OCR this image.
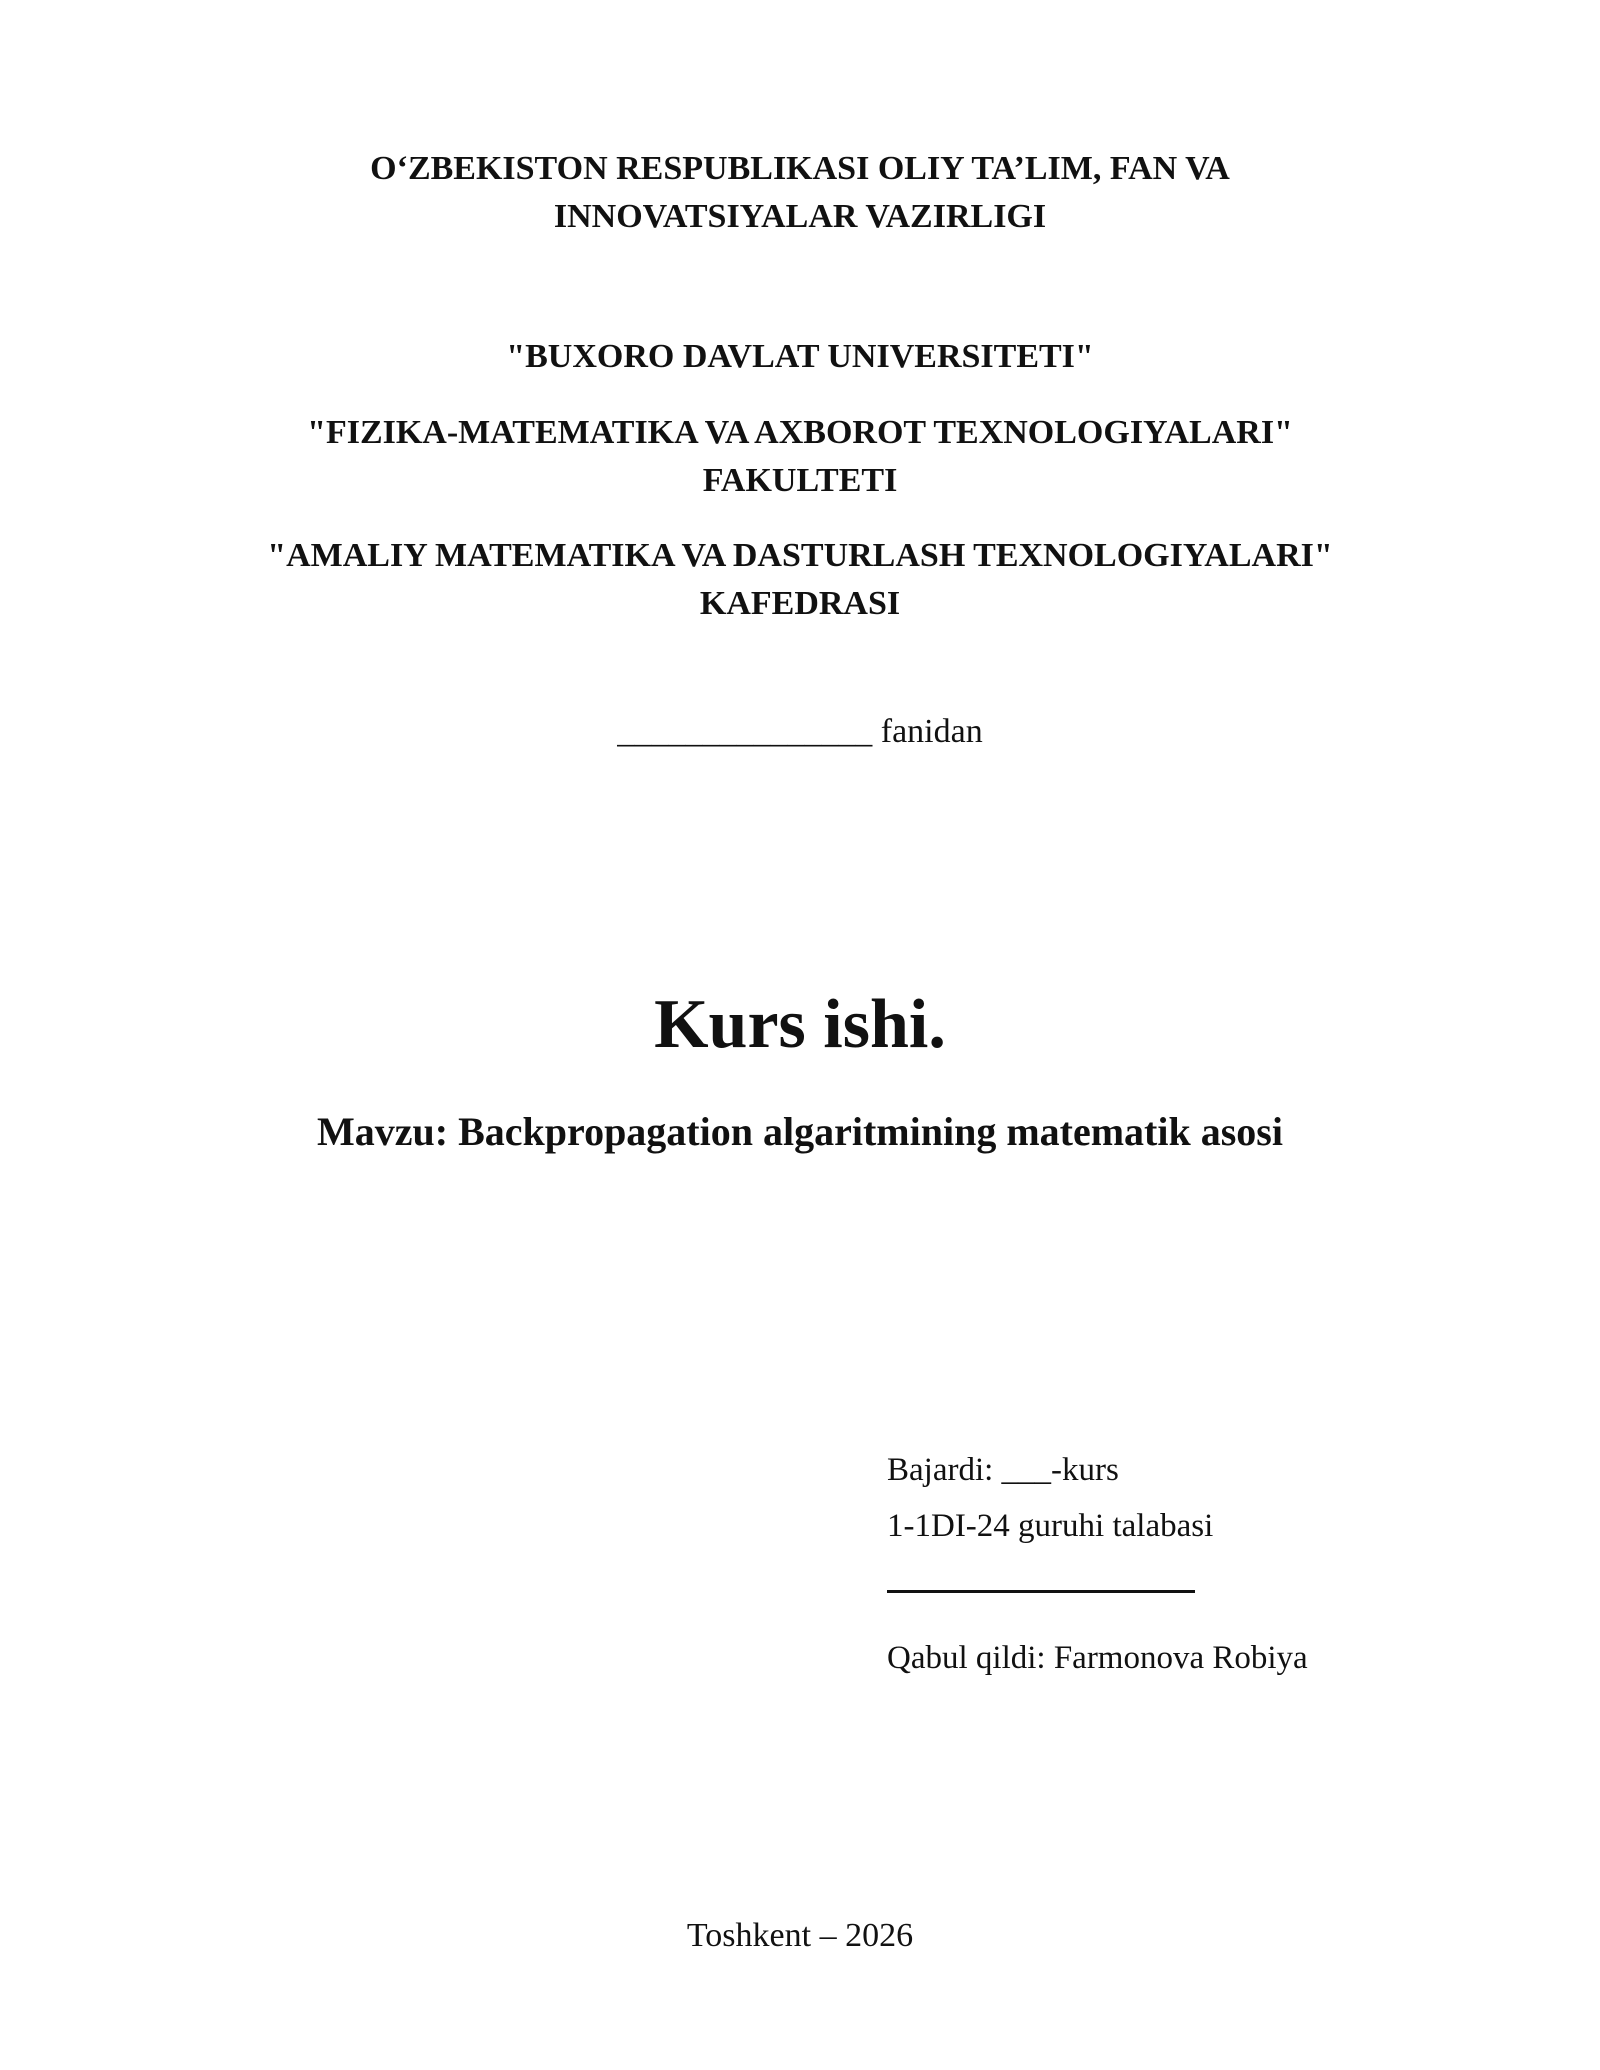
O‘ZBEKISTON RESPUBLIKASI OLIY TA’LIM, FAN VA
INNOVATSIYALAR VAZIRLIGI
"BUXORO DAVLAT UNIVERSITETI"
"FIZIKA-MATEMATIKA VA AXBOROT TEXNOLOGIYALARI"
FAKULTETI
"AMALIY MATEMATIKA VA DASTURLASH TEXNOLOGIYALARI"
KAFEDRASI
_______________ fanidan
Kurs ishi.
Mavzu: Backpropagation algaritmining matematik asosi
Bajardi: ___-kurs
1-1DI-24 guruhi talabasi
Qabul qildi: Farmonova Robiya
Toshkent – 2026
